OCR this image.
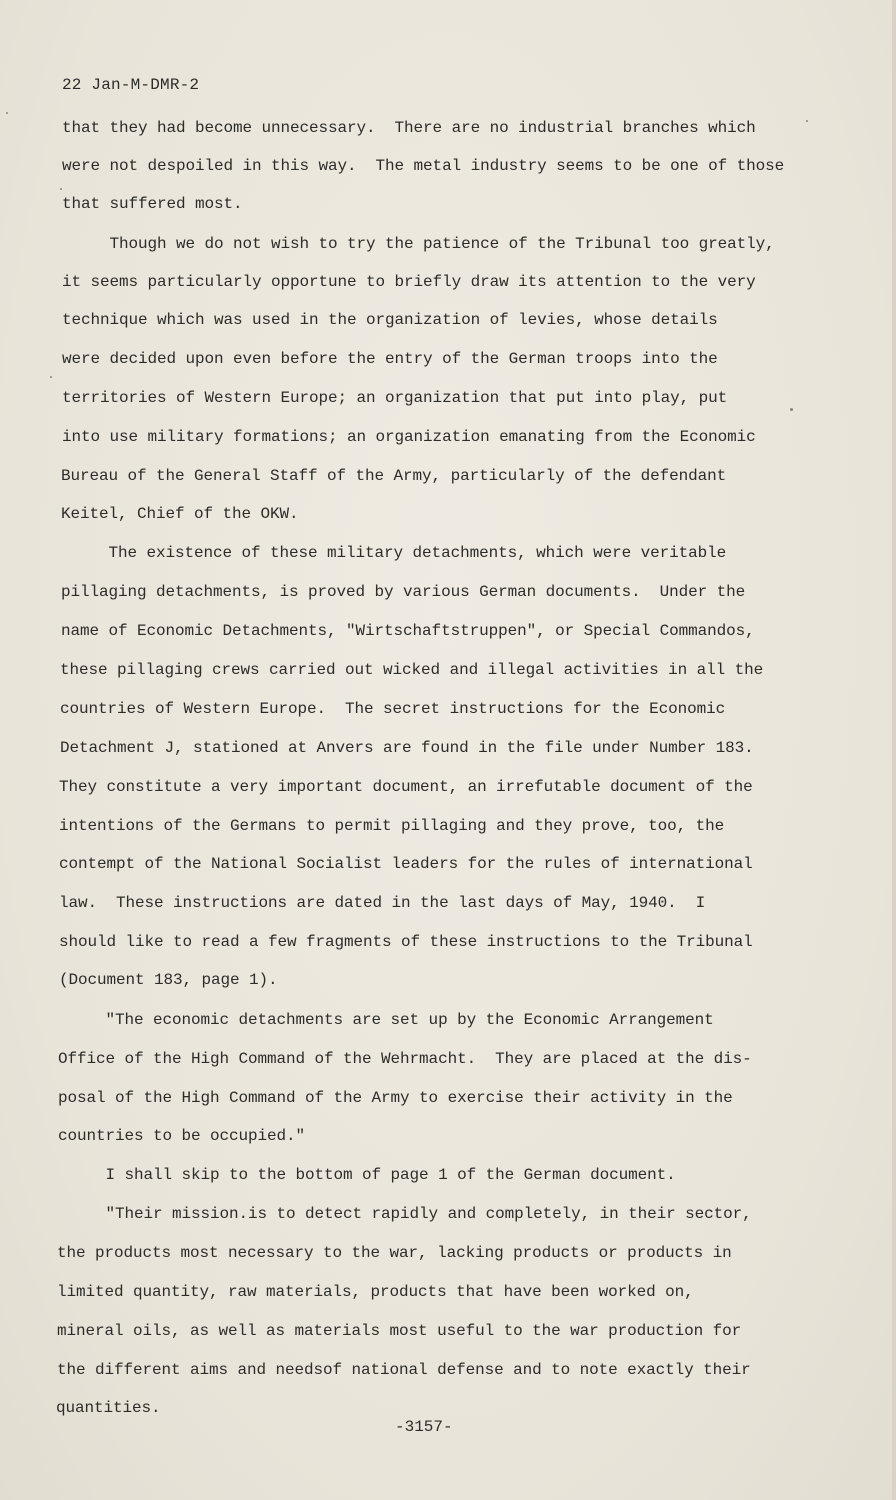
22 Jan-M-DMR-2
that they had become unnecessary.  There are no industrial branches which
were not despoiled in this way.  The metal industry seems to be one of those
that suffered most.
Though we do not wish to try the patience of the Tribunal too greatly,
it seems particularly opportune to briefly draw its attention to the very
technique which was used in the organization of levies, whose details
were decided upon even before the entry of the German troops into the
territories of Western Europe; an organization that put into play, put
into use military formations; an organization emanating from the Economic
Bureau of the General Staff of the Army, particularly of the defendant
Keitel, Chief of the OKW.
The existence of these military detachments, which were veritable
pillaging detachments, is proved by various German documents.  Under the
name of Economic Detachments, "Wirtschaftstruppen", or Special Commandos,
these pillaging crews carried out wicked and illegal activities in all the
countries of Western Europe.  The secret instructions for the Economic
Detachment J, stationed at Anvers are found in the file under Number 183.
They constitute a very important document, an irrefutable document of the
intentions of the Germans to permit pillaging and they prove, too, the
contempt of the National Socialist leaders for the rules of international
law.  These instructions are dated in the last days of May, 1940.  I
should like to read a few fragments of these instructions to the Tribunal
(Document 183, page 1).
"The economic detachments are set up by the Economic Arrangement
Office of the High Command of the Wehrmacht.  They are placed at the dis-
posal of the High Command of the Army to exercise their activity in the
countries to be occupied."
I shall skip to the bottom of page 1 of the German document.
"Their mission.is to detect rapidly and completely, in their sector,
the products most necessary to the war, lacking products or products in
limited quantity, raw materials, products that have been worked on,
mineral oils, as well as materials most useful to the war production for
the different aims and needsof national defense and to note exactly their
quantities.
-3157-
